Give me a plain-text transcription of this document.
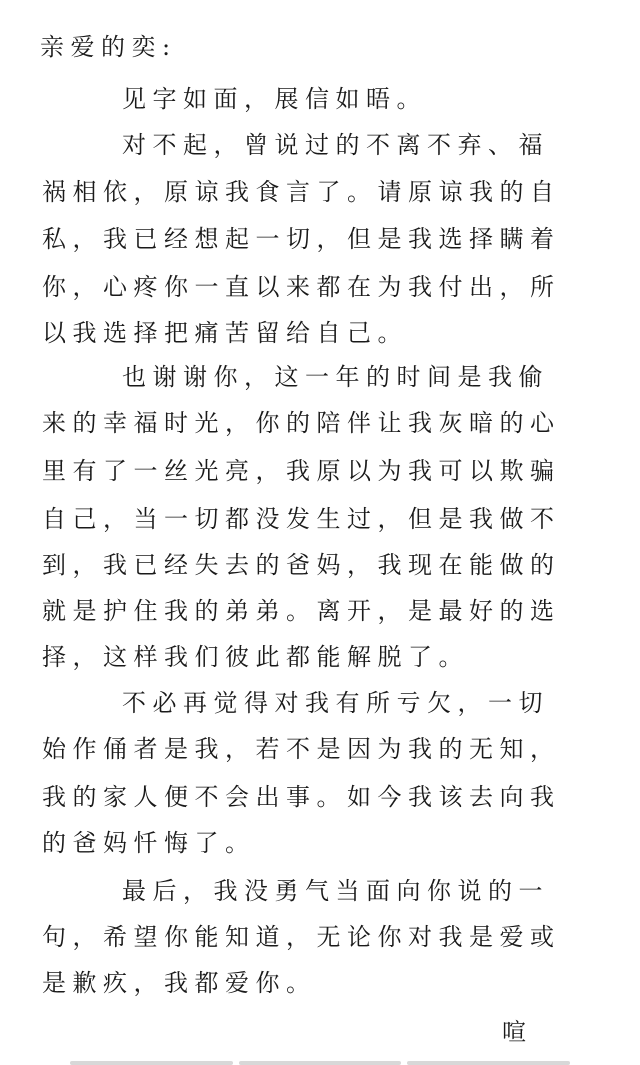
亲爱的奕:
见字如面，展信如晤。
对不起，曾说过的不离不弃、福
祸相依，原谅我食言了。请原谅我的自
私，我已经想起一切，但是我选择瞒着
你，心疼你一直以来都在为我付出，所
以我选择把痛苦留给自己。
也谢谢你，这一年的时间是我偷
来的幸福时光，你的陪伴让我灰暗的心
里有了一丝光亮，我原以为我可以欺骗
自己，当一切都没发生过，但是我做不
到，我已经失去的爸妈，我现在能做的
就是护住我的弟弟。离开，是最好的选
择，这样我们彼此都能解脱了。
不必再觉得对我有所亏欠，一切
始作俑者是我，若不是因为我的无知，
我的家人便不会出事。如今我该去向我
的爸妈忏悔了。
最后，我没勇气当面向你说的一
句，希望你能知道，无论你对我是爱或
是歉疚，我都爱你。
喧
